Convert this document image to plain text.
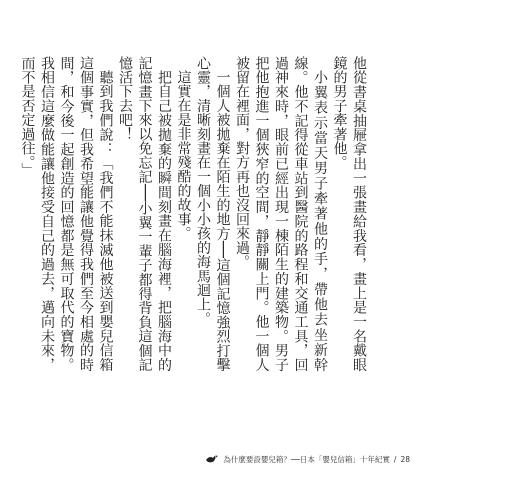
他從書桌抽屜拿出一張畫給我看，畫上是一名戴眼鏡的男子牽著他。

小翼表示當天男子牽著他的手，帶他去坐新幹線。他不記得從車站到醫院的路程和交通工具，回過神來時，眼前已經出現一棟陌生的建築物。男子把他抱進一個狹窄的空間，靜靜關上門。他一個人被留在裡面，對方再也沒回來過。

一個人被拋棄在陌生的地方──這個記憶強烈打擊心靈，清晰刻畫在一個小小孩的海馬迴上。

這實在是非常殘酷的故事。

把自己被拋棄的瞬間刻畫在腦海裡，把腦海中的記憶畫下來以免忘記──小翼一輩子都得背負這個記憶活下去吧！

聽到我們說：「我們不能抹滅他被送到嬰兒信箱這個事實，但我希望能讓他覺得我們至今相處的時間，和今後一起創造的回憶都是無可取代的寶物。我相信這麼做能讓他接受自己的過去，邁向未來，而不是否定過往。」

為什麼要設嬰兒箱？──日本「嬰兒信箱」十年紀實 / 28
